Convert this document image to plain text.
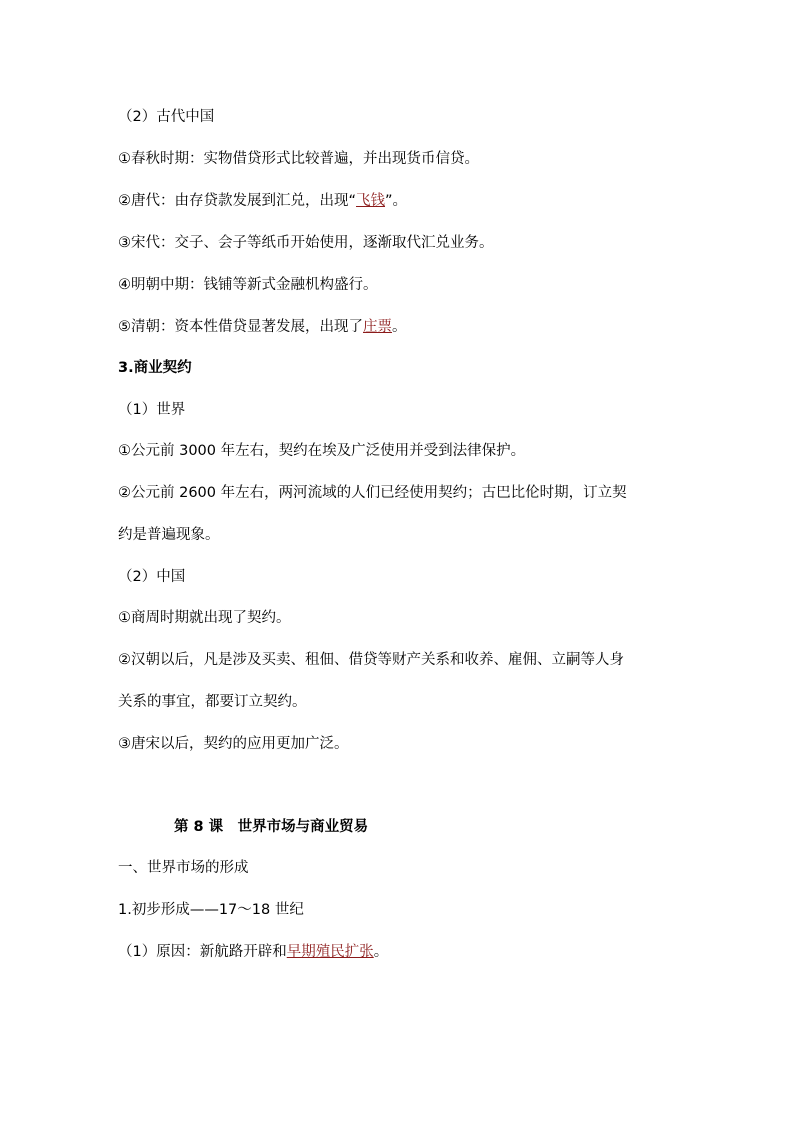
（2）古代中国
①春秋时期：实物借贷形式比较普遍，并出现货币信贷。
②唐代：由存贷款发展到汇兑，出现“飞钱”。
③宋代：交子、会子等纸币开始使用，逐渐取代汇兑业务。
④明朝中期：钱铺等新式金融机构盛行。
⑤清朝：资本性借贷显著发展，出现了庄票。
3.商业契约
（1）世界
①公元前 3000 年左右，契约在埃及广泛使用并受到法律保护。
②公元前 2600 年左右，两河流域的人们已经使用契约；古巴比伦时期，订立契
约是普遍现象。
（2）中国
①商周时期就出现了契约。
②汉朝以后，凡是涉及买卖、租佃、借贷等财产关系和收养、雇佣、立嗣等人身
关系的事宜，都要订立契约。
③唐宋以后，契约的应用更加广泛。
第 8 课　世界市场与商业贸易
一、世界市场的形成
1.初步形成——17～18 世纪
（1）原因：新航路开辟和早期殖民扩张。
